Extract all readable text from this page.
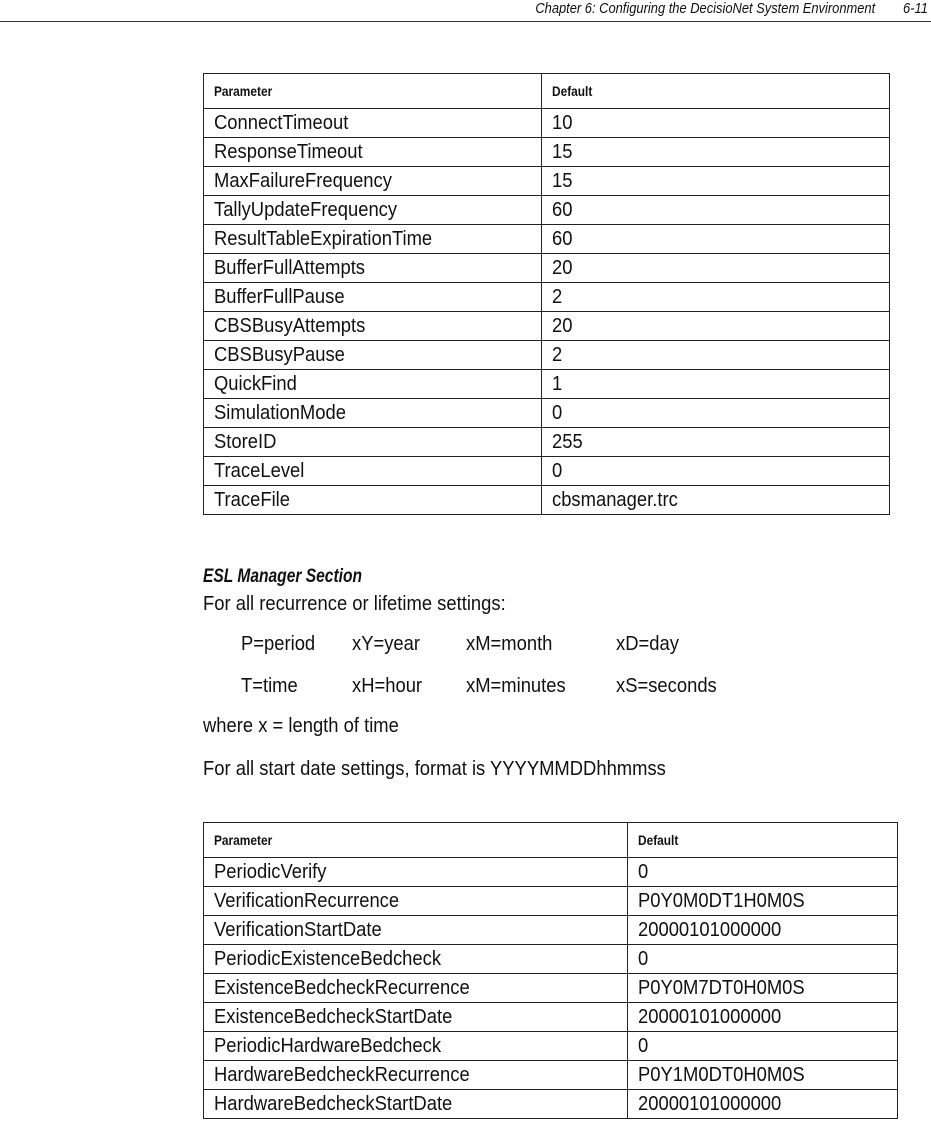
Chapter 6: Configuring the DecisioNet System Environment 6-11
Parameter	Default
ConnectTimeout	10
ResponseTimeout	15
MaxFailureFrequency	15
TallyUpdateFrequency	60
ResultTableExpirationTime	60
BufferFullAttempts	20
BufferFullPause	2
CBSBusyAttempts	20
CBSBusyPause	2
QuickFind	1
SimulationMode	0
StoreID	255
TraceLevel	0
TraceFile	cbsmanager.trc
ESL Manager Section
For all recurrence or lifetime settings:
P=period xY=year xM=month	xD=day
T=time	xH=hour xM=minutes	xS=seconds
where x = length of time
For all start date settings, format is YYYYMMDDhhmmss
Parameter	Default
PeriodicVerify	0
VerificationRecurrence	P0Y0M0DT1H0M0S
VerificationStartDate	20000101000000
PeriodicExistenceBedcheck	0
ExistenceBedcheckRecurrence	P0Y0M7DT0H0M0S
ExistenceBedcheckStartDate	20000101000000
PeriodicHardwareBedcheck	0
HardwareBedcheckRecurrence	P0Y1M0DT0H0M0S
HardwareBedcheckStartDate	20000101000000
